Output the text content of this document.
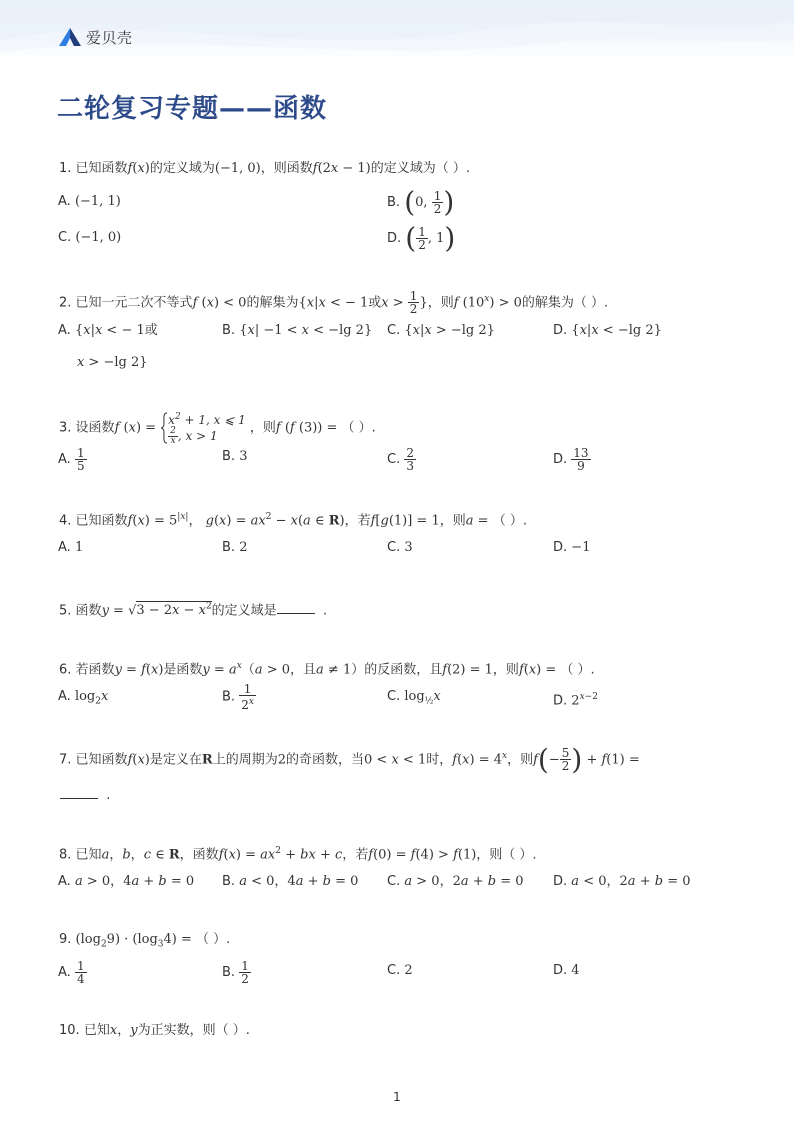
爱贝壳
二轮复习专题——函数
1. 已知函数f(x)的定义域为(−1, 0)，则函数f(2x − 1)的定义域为（ ）.
A. (−1, 1)	B. (0, $\frac{1}{2}$ )
C. (−1, 0)	D. ( $\frac{1}{2}$ , 1)
2. 已知一元二次不等式f (x) < 0的解集为{x|x < − 1或$x > \frac{1}{2}$ }，则f $(10^x) > 0$的解集为（ ）.
A. {x|x < − 1或
x > −lg 2}
B. {x| −1 < x < −lg 2} C. {x|x > −lg 2}	D. {x|x < −lg 2}
3. 设函数f (x) =
$x^2 + 1$, x ⩽ 1
$\frac{2}{x}$ , x > 1
，则f (f (3)) = （ ）.
A. $\frac{1}{5}$	B. 3	C. $\frac{2}{3}$	D. $\frac{13}{9}$
4. 已知函数$f(x) = 5^{|x|}$， $g(x) = ax^2 - x(a$ ∈ R)，若f[g(1)] = 1，则a = （ ）.
A. 1	B. 2	C. 3	D. −1
5. 函数$y = √3 - 2x - x^2$的定义域是	.
6. 若函数y = f(x)是函数$y = a^x(a > 0$，且a ≠ 1）的反函数，且f(2) = 1，则f(x) = （ ）.
A. $\log_2x$	B. $\frac{1}{2^x}$	C. $\log_{\frac{1}{2}}x$	D. $2^{x-2}$
7. 已知函数f(x)是定义在R上的周期为2的奇函数，当0 < x < 1时，$f(x) = 4^x$，则$f(- \frac{5}{2}$ ) + f(1) =
.
8. 已知a，b，c ∈ R，函数$f(x) = ax^2$ + bx + c，若f(0) = f(4) > f(1)，则（ ）.
A. a > 0，4a + b = 0 B. a < 0，4a + b = 0 C. a > 0，2a + b = 0 D. a < 0，2a + b = 0
9. $(\log_29) \cdot (\log_34)$ = （ ）.
A. $\frac{1}{4}$	B. $\frac{1}{2}$	C. 2	D. 4
10. 已知x，y为正实数，则（ ）.
1
